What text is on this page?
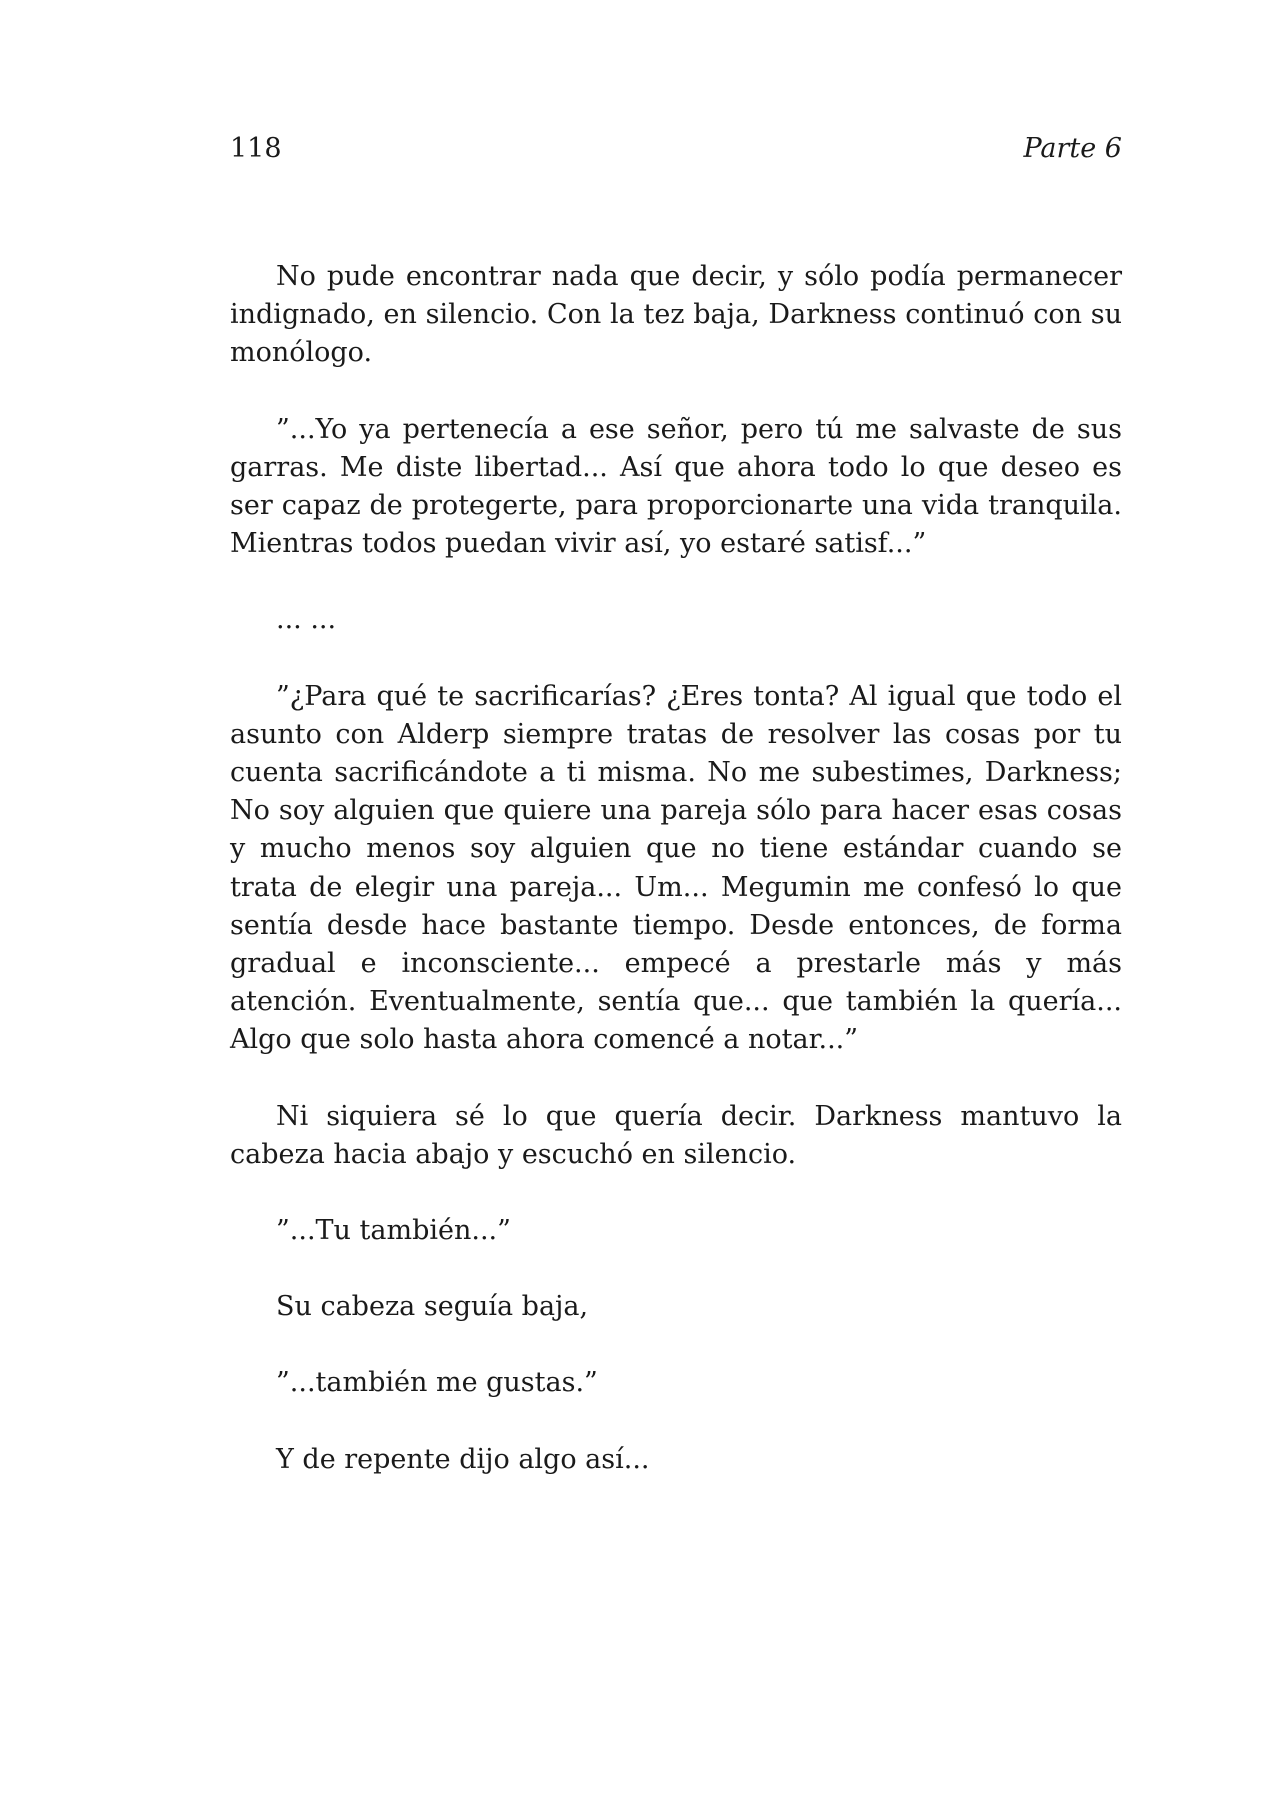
118	Parte 6

No pude encontrar nada que decir, y sólo podía permanecer indignado, en silencio. Con la tez baja, Darkness continuó con su monólogo.

”...Yo ya pertenecía a ese señor, pero tú me salvaste de sus garras. Me diste libertad... Así que ahora todo lo que deseo es ser capaz de protegerte, para proporcionarte una vida tranquila. Mientras todos puedan vivir así, yo estaré satisf...”

... ...

”¿Para qué te sacrificarías? ¿Eres tonta? Al igual que todo el asunto con Alderp siempre tratas de resolver las cosas por tu cuenta sacrificándote a ti misma. No me subestimes, Darkness; No soy alguien que quiere una pareja sólo para hacer esas cosas y mucho menos soy alguien que no tiene estándar cuando se trata de elegir una pareja... Um... Megumin me confesó lo que sentía desde hace bastante tiempo. Desde entonces, de forma gradual e inconsciente... empecé a prestarle más y más atención. Eventualmente, sentía que... que también la quería... Algo que solo hasta ahora comencé a notar...”

Ni siquiera sé lo que quería decir. Darkness mantuvo la cabeza hacia abajo y escuchó en silencio.

”...Tu también...”

Su cabeza seguía baja,

”...también me gustas.”

Y de repente dijo algo así...
